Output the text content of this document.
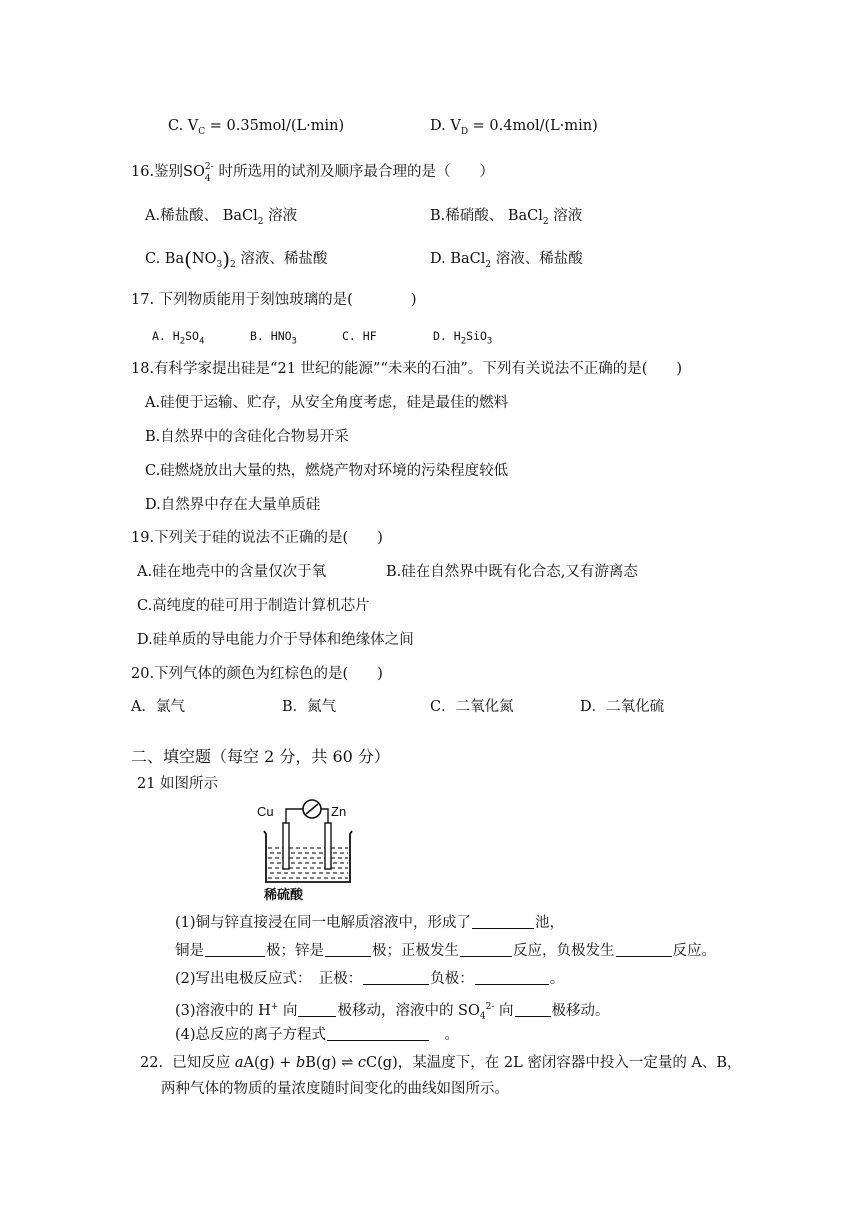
C. $V_C = 0.35mol/(L\cdot\min)$	D. $V_D = 0.4mol/(L\cdot\min)$
16.鉴别SO 2-
4 时所选用的试剂及顺序最合理的是（　　）
A.稀盐酸、 BaCl$_2$ 溶液	B.稀硝酸、 BaCl$_2$ 溶液
C. $Ba(NO_3)_2$ 溶液、稀盐酸	D. BaCl$_2$ 溶液、稀盐酸
17. 下列物质能用于刻蚀玻璃的是(　　　　)
A. $H_2SO_4$	B. $HNO_3$	C. HF	D. $H_2SiO_3$
18.有科学家提出硅是“21 世纪的能源”“未来的石油”。下列有关说法不正确的是(　　)
A.硅便于运输、贮存，从安全角度考虑，硅是最佳的燃料
B.自然界中的含硅化合物易开采
C.硅燃烧放出大量的热，燃烧产物对环境的污染程度较低
D.自然界中存在大量单质硅
19.下列关于硅的说法不正确的是(　　)
A.硅在地壳中的含量仅次于氧	B.硅在自然界中既有化合态,又有游离态
C.高纯度的硅可用于制造计算机芯片
D.硅单质的导电能力介于导体和绝缘体之间
20.下列气体的颜色为红棕色的是(　　)
A．氯气	B．氮气	C．二氧化氮	D．二氧化硫
二、填空题（每空 2 分，共 60 分）
21 如图所示
Cu	Zn
稀硫酸
(1)铜与锌直接浸在同一电解质溶液中，形成了	池，
铜是	极；锌是	极；正极发生	反应，负极发生	反应。
(2)写出电极反应式：　正极：	负极：	。
(3)溶液中的 H+ 向	极移动，溶液中的 $SO_4^{2-}$ 向	极移动。
(4)总反应的离子方程式	　。
22. 已知反应 aA(g) + bB(g) ⇌ cC(g)，某温度下，在 2L 密闭容器中投入一定量的 A、B，
两种气体的物质的量浓度随时间变化的曲线如图所示。
